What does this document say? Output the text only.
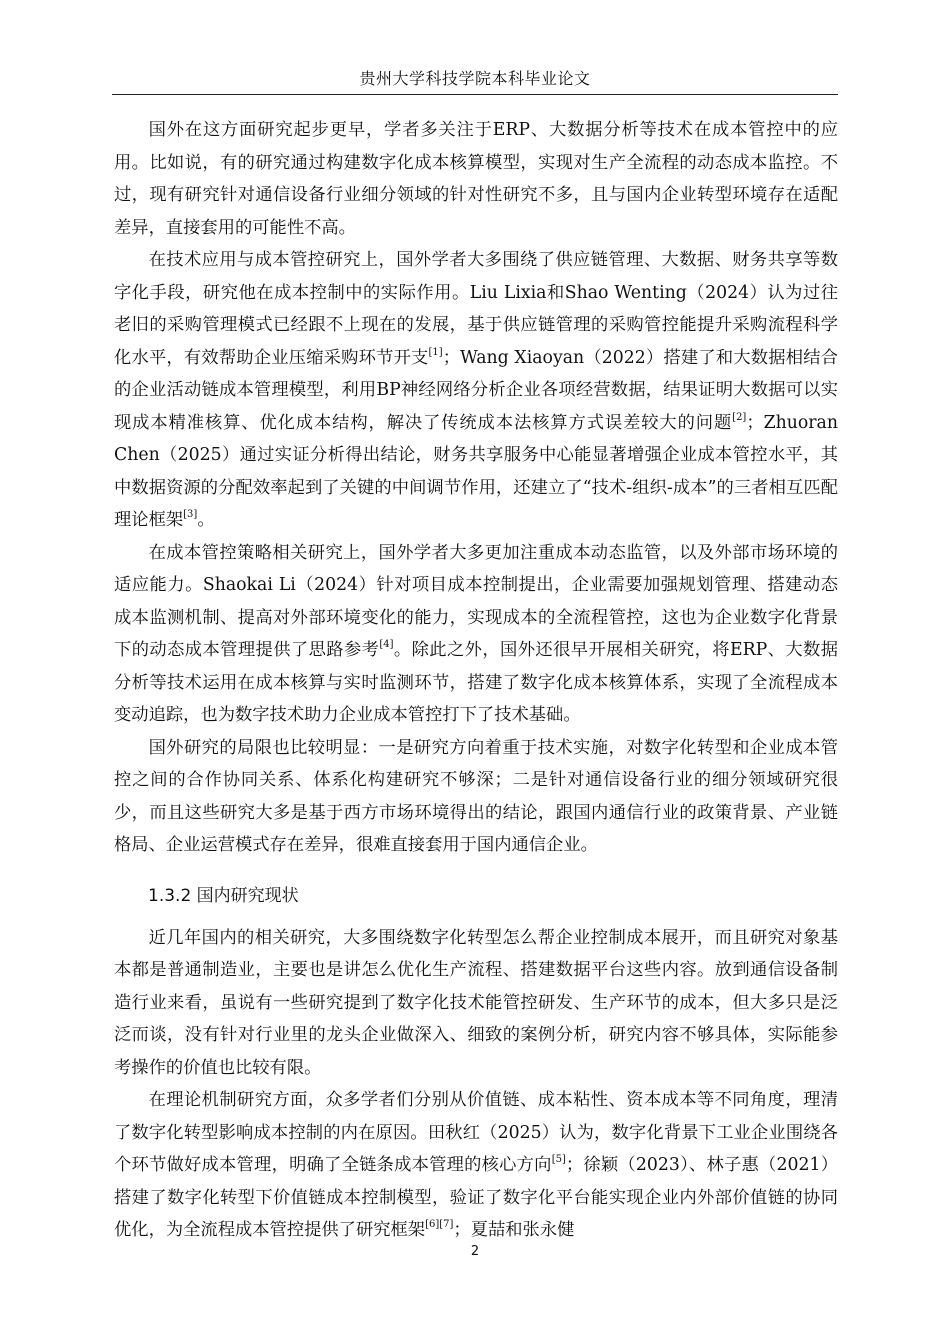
贵州大学科技学院本科毕业论文

国外在这方面研究起步更早，学者多关注于ERP、大数据分析等技术在成本管控中的应用。比如说，有的研究通过构建数字化成本核算模型，实现对生产全流程的动态成本监控。不过，现有研究针对通信设备行业细分领域的针对性研究不多，且与国内企业转型环境存在适配差异，直接套用的可能性不高。

在技术应用与成本管控研究上，国外学者大多围绕了供应链管理、大数据、财务共享等数字化手段，研究他在成本控制中的实际作用。Liu Lixia和Shao Wenting（2024）认为过往老旧的采购管理模式已经跟不上现在的发展，基于供应链管理的采购管控能提升采购流程科学化水平，有效帮助企业压缩采购环节开支[1]；Wang Xiaoyan（2022）搭建了和大数据相结合的企业活动链成本管理模型，利用BP神经网络分析企业各项经营数据，结果证明大数据可以实现成本精准核算、优化成本结构，解决了传统成本法核算方式误差较大的问题[2]；Zhuoran Chen（2025）通过实证分析得出结论，财务共享服务中心能显著增强企业成本管控水平，其中数据资源的分配效率起到了关键的中间调节作用，还建立了“技术-组织-成本”的三者相互匹配理论框架[3]。

在成本管控策略相关研究上，国外学者大多更加注重成本动态监管，以及外部市场环境的适应能力。Shaokai Li（2024）针对项目成本控制提出，企业需要加强规划管理、搭建动态成本监测机制、提高对外部环境变化的能力，实现成本的全流程管控，这也为企业数字化背景下的动态成本管理提供了思路参考[4]。除此之外，国外还很早开展相关研究，将ERP、大数据分析等技术运用在成本核算与实时监测环节，搭建了数字化成本核算体系，实现了全流程成本变动追踪，也为数字技术助力企业成本管控打下了技术基础。

国外研究的局限也比较明显：一是研究方向着重于技术实施，对数字化转型和企业成本管控之间的合作协同关系、体系化构建研究不够深；二是针对通信设备行业的细分领域研究很少，而且这些研究大多是基于西方市场环境得出的结论，跟国内通信行业的政策背景、产业链格局、企业运营模式存在差异，很难直接套用于国内通信企业。

1.3.2 国内研究现状

近几年国内的相关研究，大多围绕数字化转型怎么帮企业控制成本展开，而且研究对象基本都是普通制造业，主要也是讲怎么优化生产流程、搭建数据平台这些内容。放到通信设备制造行业来看，虽说有一些研究提到了数字化技术能管控研发、生产环节的成本，但大多只是泛泛而谈，没有针对行业里的龙头企业做深入、细致的案例分析，研究内容不够具体，实际能参考操作的价值也比较有限。

在理论机制研究方面，众多学者们分别从价值链、成本粘性、资本成本等不同角度，理清了数字化转型影响成本控制的内在原因。田秋红（2025）认为，数字化背景下工业企业围绕各个环节做好成本管理，明确了全链条成本管理的核心方向[5]；徐颖（2023）、林子惠（2021）搭建了数字化转型下价值链成本控制模型，验证了数字化平台能实现企业内外部价值链的协同优化，为全流程成本管控提供了研究框架[6][7]；夏喆和张永健

2
